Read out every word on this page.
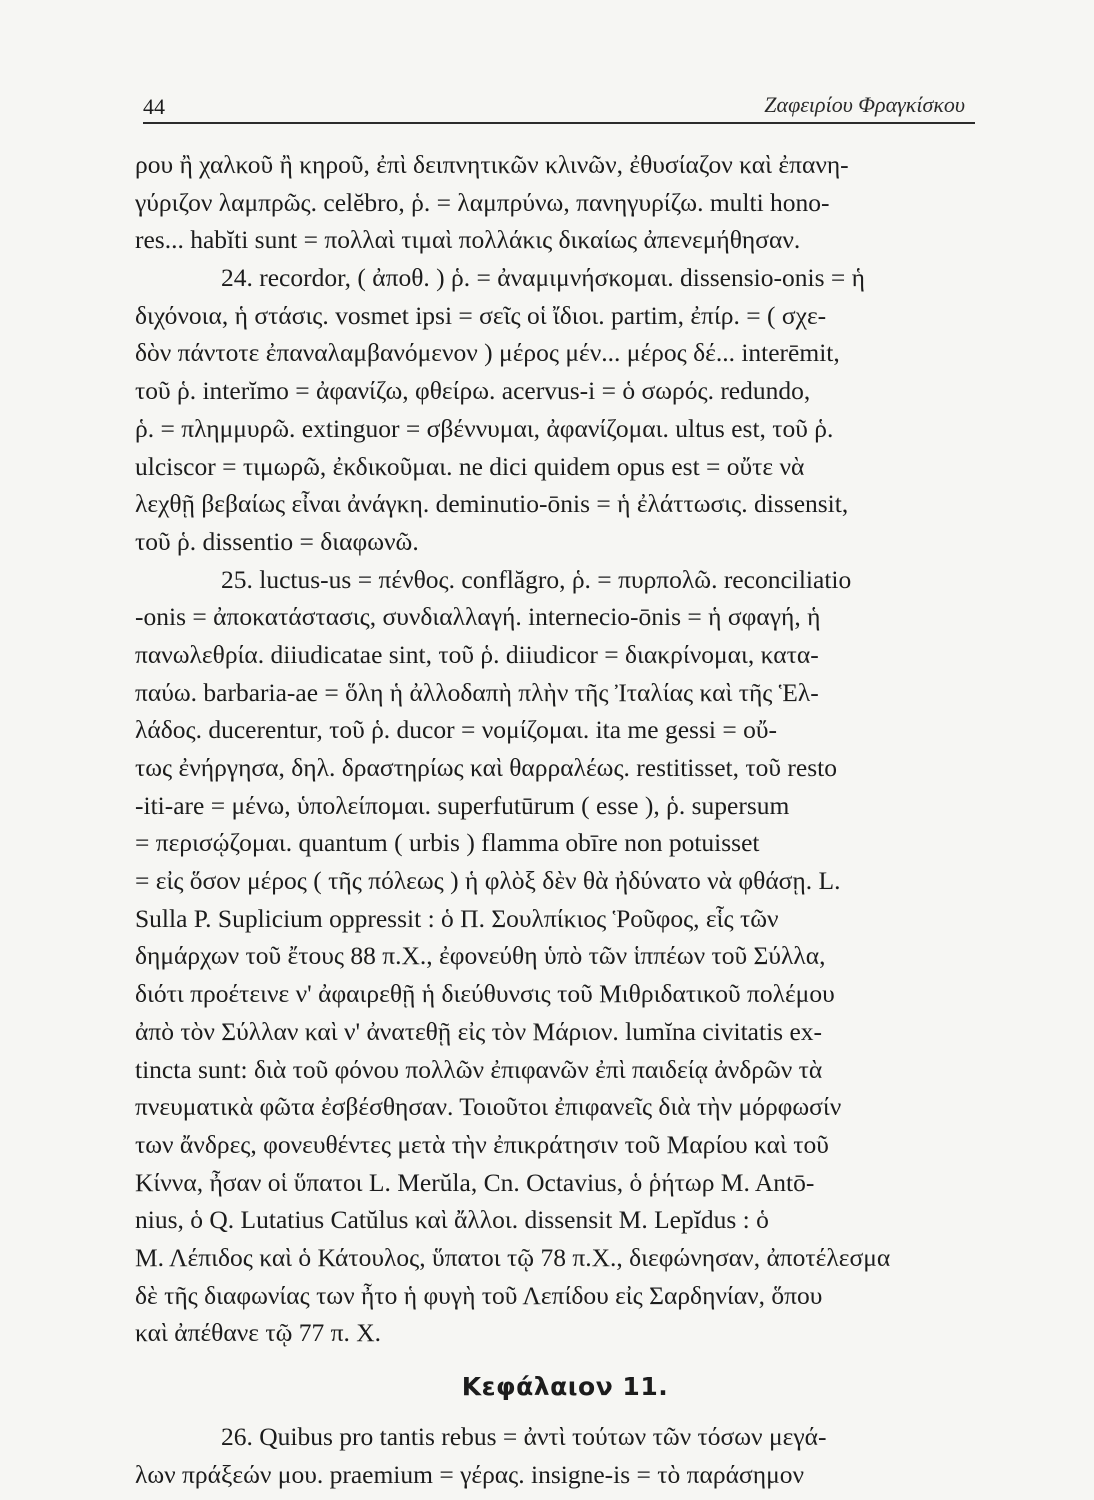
44	Ζαφειρίου Φραγκίσκου
ρου ἢ χαλκοῦ ἢ κηροῦ, ἐπὶ δειπνητικῶν κλινῶν, ἐθυσίαζον καὶ ἐπανη-
γύριζον λαμπρῶς. celĕbro, ῥ. = λαμπρύνω, πανηγυρίζω. multi hono-
res... habĭti sunt = πολλαὶ τιμαὶ πολλάκις δικαίως ἀπενεμήθησαν.
24. recordor, ( ἀποθ. ) ῥ. = ἀναμιμνήσκομαι. dissensio-onis = ἡ
διχόνοια, ἡ στάσις. vosmet ipsi = σεῖς οἱ ἴδιοι. partim, ἐπίρ. = ( σχε-
δὸν πάντοτε ἐπαναλαμβανόμενον ) μέρος μέν... μέρος δέ... interēmit,
τοῦ ῥ. interĭmo = ἀφανίζω, φθείρω. acervus-i = ὁ σωρός. redundo,
ῥ. = πλημμυρῶ. extinguor = σβέννυμαι, ἀφανίζομαι. ultus est, τοῦ ῥ.
ulciscor = τιμωρῶ, ἐκδικοῦμαι. ne dici quidem opus est = οὔτε νὰ
λεχθῇ βεβαίως εἶναι ἀνάγκη. deminutio-ōnis = ἡ ἐλάττωσις. dissensit,
τοῦ ῥ. dissentio = διαφωνῶ.
25. luctus-us = πένθος. conflăgro, ῥ. = πυρπολῶ. reconciliatio
-onis = ἀποκατάστασις, συνδιαλλαγή. internecio-ōnis = ἡ σφαγή, ἡ
πανωλεθρία. diiudicatae sint, τοῦ ῥ. diiudicor = διακρίνομαι, κατα-
παύω. barbaria-ae = ὅλη ἡ ἀλλοδαπὴ πλὴν τῆς Ἰταλίας καὶ τῆς Ἑλ-
λάδος. ducerentur, τοῦ ῥ. ducor = νομίζομαι. ita me gessi = οὔ-
τως ἐνήργησα, δηλ. δραστηρίως καὶ θαρραλέως. restitisset, τοῦ resto
-iti-are = μένω, ὑπολείπομαι. superfutūrum ( esse ), ῥ. supersum
= περισῴζομαι. quantum ( urbis ) flamma obīre non potuisset
= εἰς ὅσον μέρος ( τῆς πόλεως ) ἡ φλὸξ δὲν θὰ ἠδύνατο νὰ φθάσῃ. L.
Sulla P. Suplicium oppressit : ὁ Π. Σουλπίκιος Ῥοῦφος, εἷς τῶν
δημάρχων τοῦ ἔτους 88 π.Χ., ἐφονεύθη ὑπὸ τῶν ἱππέων τοῦ Σύλλα,
διότι προέτεινε ν' ἀφαιρεθῇ ἡ διεύθυνσις τοῦ Μιθριδατικοῦ πολέμου
ἀπὸ τὸν Σύλλαν καὶ ν' ἀνατεθῇ εἰς τὸν Μάριον. lumĭna civitatis ex-
tincta sunt: διὰ τοῦ φόνου πολλῶν ἐπιφανῶν ἐπὶ παιδείᾳ ἀνδρῶν τὰ
πνευματικὰ φῶτα ἐσβέσθησαν. Τοιοῦτοι ἐπιφανεῖς διὰ τὴν μόρφωσίν
των ἄνδρες, φονευθέντες μετὰ τὴν ἐπικράτησιν τοῦ Μαρίου καὶ τοῦ
Κίννα, ἦσαν οἱ ὕπατοι L. Merŭla, Cn. Octavius, ὁ ῥήτωρ M. Antō-
nius, ὁ Q. Lutatius Catŭlus καὶ ἄλλοι. dissensit M. Lepĭdus : ὁ
Μ. Λέπιδος καὶ ὁ Κάτουλος, ὕπατοι τῷ 78 π.Χ., διεφώνησαν, ἀποτέλεσμα
δὲ τῆς διαφωνίας των ἦτο ἡ φυγὴ τοῦ Λεπίδου εἰς Σαρδηνίαν, ὅπου
καὶ ἀπέθανε τῷ 77 π. Χ.
Κεφάλαιον 11.
26. Quibus pro tantis rebus = ἀντὶ τούτων τῶν τόσων μεγά-
λων πράξεών μου. praemium = γέρας. insigne-is = τὸ παράσημον
